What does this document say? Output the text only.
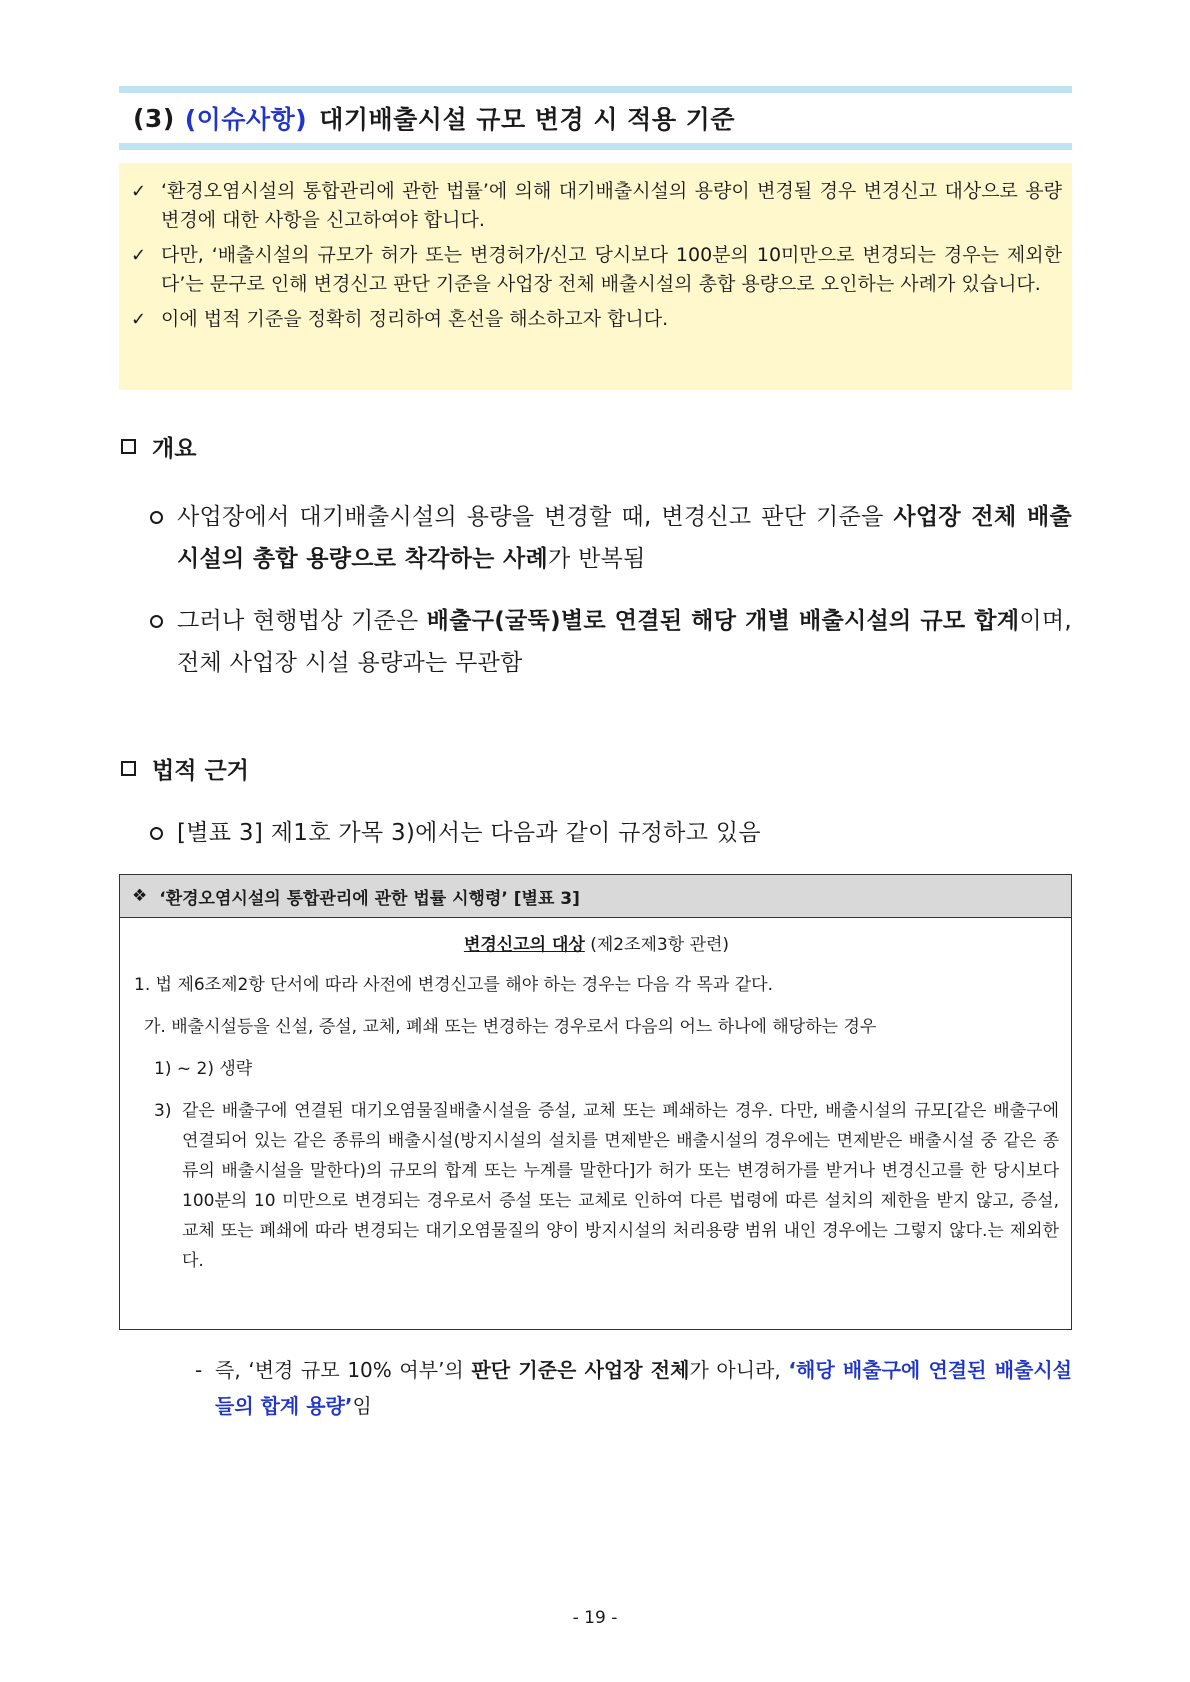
(3) (이슈사항) 대기배출시설 규모 변경 시 적용 기준
✓ ‘환경오염시설의 통합관리에 관한 법률’에 의해 대기배출시설의 용량이 변경될 경우 변경신고 대상으로 용량 변경에 대한 사항을 신고하여야 합니다.
✓ 다만, ‘배출시설의 규모가 허가 또는 변경허가/신고 당시보다 100분의 10미만으로 변경되는 경우는 제외한다’는 문구로 인해 변경신고 판단 기준을 사업장 전체 배출시설의 총합 용량으로 오인하는 사례가 있습니다.
✓ 이에 법적 기준을 정확히 정리하여 혼선을 해소하고자 합니다.
개요
사업장에서 대기배출시설의 용량을 변경할 때, 변경신고 판단 기준을 사업장 전체 배출시설의 총합 용량으로 착각하는 사례가 반복됨
그러나 현행법상 기준은 배출구(굴뚝)별로 연결된 해당 개별 배출시설의 규모 합계이며, 전체 사업장 시설 용량과는 무관함
법적 근거
[별표 3] 제1호 가목 3)에서는 다음과 같이 규정하고 있음
❖ ‘환경오염시설의 통합관리에 관한 법률 시행령’ [별표 3]
변경신고의 대상 (제2조제3항 관련)
1. 법 제6조제2항 단서에 따라 사전에 변경신고를 해야 하는 경우는 다음 각 목과 같다.
가. 배출시설등을 신설, 증설, 교체, 폐쇄 또는 변경하는 경우로서 다음의 어느 하나에 해당하는 경우
1) ~ 2) 생략
3) 같은 배출구에 연결된 대기오염물질배출시설을 증설, 교체 또는 폐쇄하는 경우. 다만, 배출시설의 규모[같은 배출구에 연결되어 있는 같은 종류의 배출시설(방지시설의 설치를 면제받은 배출시설의 경우에는 면제받은 배출시설 중 같은 종류의 배출시설을 말한다)의 규모의 합계 또는 누계를 말한다]가 허가 또는 변경허가를 받거나 변경신고를 한 당시보다 100분의 10 미만으로 변경되는 경우로서 증설 또는 교체로 인하여 다른 법령에 따른 설치의 제한을 받지 않고, 증설, 교체 또는 폐쇄에 따라 변경되는 대기오염물질의 양이 방지시설의 처리용량 범위 내인 경우에는 그렇지 않다.는 제외한다.
- 즉, ‘변경 규모 10% 여부’의 판단 기준은 사업장 전체가 아니라, ‘해당 배출구에 연결된 배출시설들의 합계 용량’임
- 19 -
